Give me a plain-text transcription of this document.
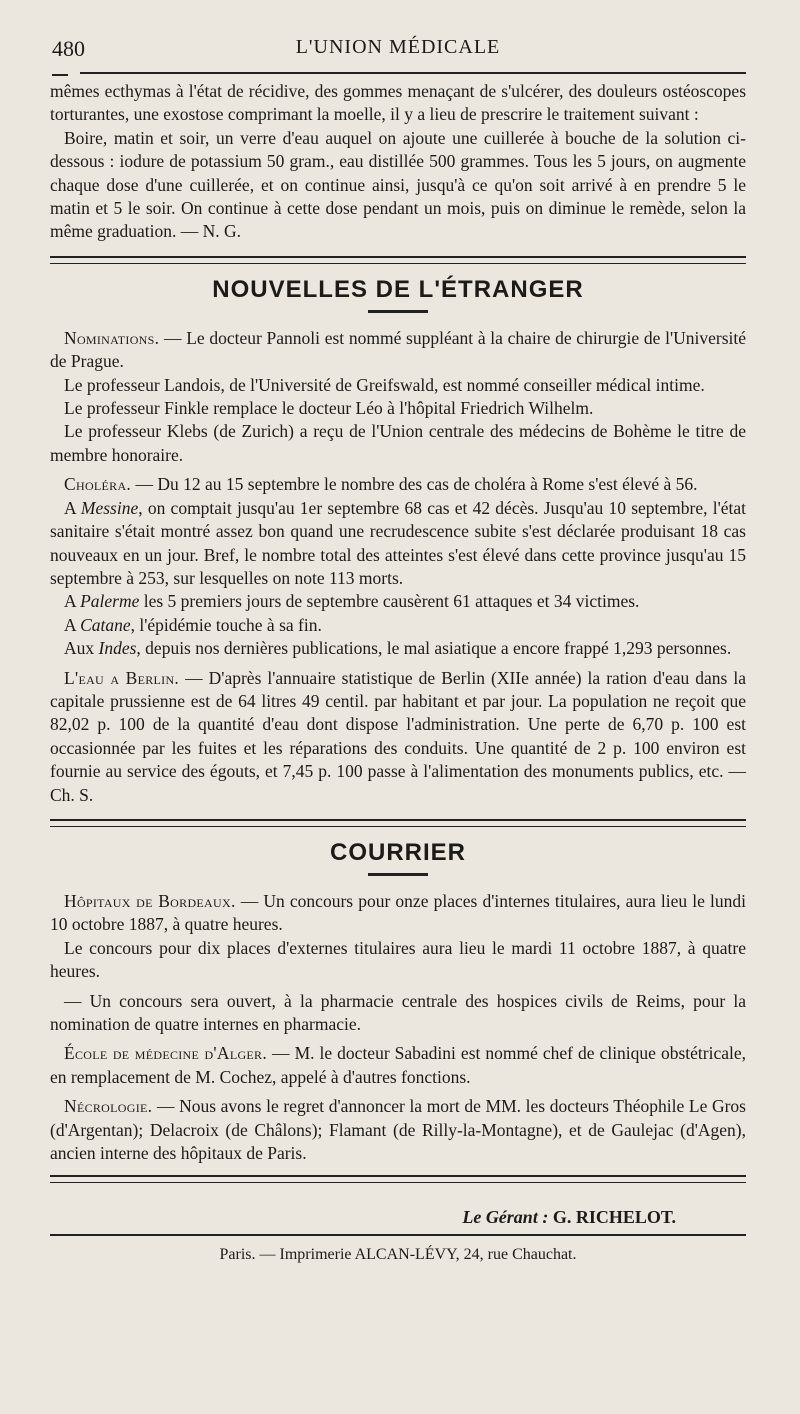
480	L'UNION MÉDICALE

mêmes ecthymas à l'état de récidive, des gommes menaçant de s'ulcérer, des douleurs ostéoscopes torturantes, une exostose comprimant la moelle, il y a lieu de prescrire le traitement suivant :

Boire, matin et soir, un verre d'eau auquel on ajoute une cuillerée à bouche de la solution ci-dessous : iodure de potassium 50 gram., eau distillée 500 grammes. Tous les 5 jours, on augmente chaque dose d'une cuillerée, et on continue ainsi, jusqu'à ce qu'on soit arrivé à en prendre 5 le matin et 5 le soir. On continue à cette dose pendant un mois, puis on diminue le remède, selon la même graduation. — N. G.

NOUVELLES DE L'ÉTRANGER

Nominations. — Le docteur Pannoli est nommé suppléant à la chaire de chirurgie de l'Université de Prague.

Le professeur Landois, de l'Université de Greifswald, est nommé conseiller médical intime.

Le professeur Finkle remplace le docteur Léo à l'hôpital Friedrich Wilhelm.

Le professeur Klebs (de Zurich) a reçu de l'Union centrale des médecins de Bohème le titre de membre honoraire.

Choléra. — Du 12 au 15 septembre le nombre des cas de choléra à Rome s'est élevé à 56.

A Messine, on comptait jusqu'au 1er septembre 68 cas et 42 décès. Jusqu'au 10 septembre, l'état sanitaire s'était montré assez bon quand une recrudescence subite s'est déclarée produisant 18 cas nouveaux en un jour. Bref, le nombre total des atteintes s'est élevé dans cette province jusqu'au 15 septembre à 253, sur lesquelles on note 113 morts.

A Palerme les 5 premiers jours de septembre causèrent 61 attaques et 34 victimes.

A Catane, l'épidémie touche à sa fin.

Aux Indes, depuis nos dernières publications, le mal asiatique a encore frappé 1,293 personnes.

L'eau a Berlin. — D'après l'annuaire statistique de Berlin (XIIe année) la ration d'eau dans la capitale prussienne est de 64 litres 49 centil. par habitant et par jour. La population ne reçoit que 82,02 p. 100 de la quantité d'eau dont dispose l'administration. Une perte de 6,70 p. 100 est occasionnée par les fuites et les réparations des conduits. Une quantité de 2 p. 100 environ est fournie au service des égouts, et 7,45 p. 100 passe à l'alimentation des monuments publics, etc. — Ch. S.

COURRIER

Hôpitaux de Bordeaux. — Un concours pour onze places d'internes titulaires, aura lieu le lundi 10 octobre 1887, à quatre heures.

Le concours pour dix places d'externes titulaires aura lieu le mardi 11 octobre 1887, à quatre heures.

— Un concours sera ouvert, à la pharmacie centrale des hospices civils de Reims, pour la nomination de quatre internes en pharmacie.

École de médecine d'Alger. — M. le docteur Sabadini est nommé chef de clinique obstétricale, en remplacement de M. Cochez, appelé à d'autres fonctions.

Nécrologie. — Nous avons le regret d'annoncer la mort de MM. les docteurs Théophile Le Gros (d'Argentan); Delacroix (de Châlons); Flamant (de Rilly-la-Montagne), et de Gaulejac (d'Agen), ancien interne des hôpitaux de Paris.

Le Gérant : G. RICHELOT.
Paris. — Imprimerie ALCAN-LÉVY, 24, rue Chauchat.
